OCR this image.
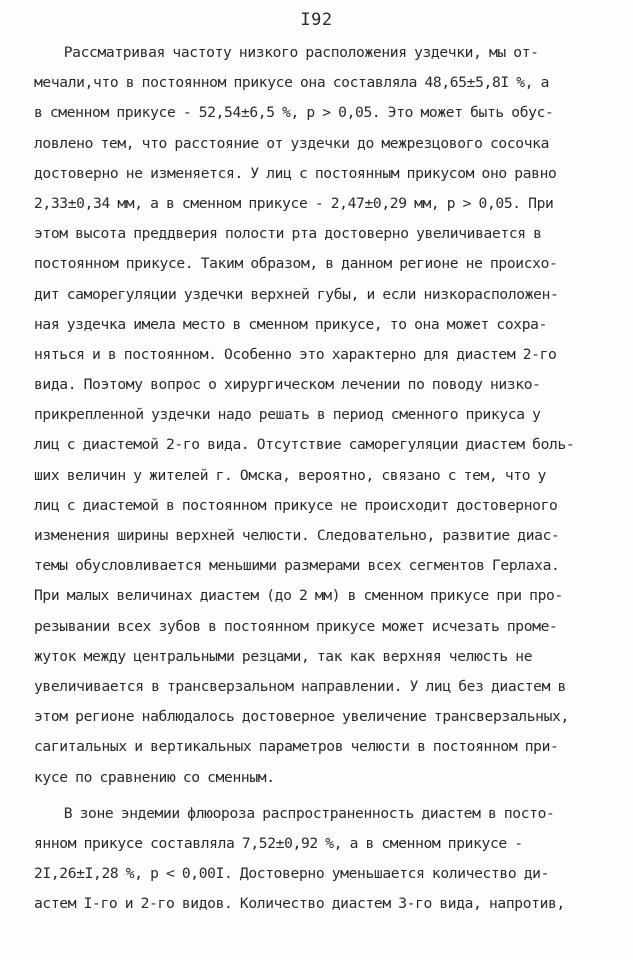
I92
Рассматривая частоту низкого расположения уздечки, мы от-
мечали,что в постоянном прикусе она составляла 48,65±5,8I %, а
в сменном прикусе - 52,54±6,5 %, р > 0,05. Это может быть обус-
ловлено тем, что расстояние от уздечки до межрезцового сосочка
достоверно не изменяется. У лиц с постоянным прикусом оно равно
2,33±0,34 мм, а в сменном прикусе - 2,47±0,29 мм, р > 0,05. При
этом высота преддверия полости рта достоверно увеличивается в
постоянном прикусе. Таким образом, в данном регионе не происхо-
дит саморегуляции уздечки верхней губы, и если низкорасположен-
ная уздечка имела место в сменном прикусе, то она может сохра-
няться и в постоянном. Особенно это характерно для диастем 2-го
вида. Поэтому вопрос о хирургическом лечении по поводу низко-
прикрепленной уздечки надо решать в период сменного прикуса у
лиц с диастемой 2-го вида. Отсутствие саморегуляции диастем боль-
ших величин у жителей г. Омска, вероятно, связано с тем, что у
лиц с диастемой в постоянном прикусе не происходит достоверного
изменения ширины верхней челюсти. Следовательно, развитие диас-
темы обусловливается меньшими размерами всех сегментов Герлаха.
При малых величинах диастем (до 2 мм) в сменном прикусе при про-
резывании всех зубов в постоянном прикусе может исчезать проме-
жуток между центральными резцами, так как верхняя челюсть не
увеличивается в трансверзальном направлении. У лиц без диастем в
этом регионе наблюдалось достоверное увеличение трансверзальных,
сагитальных и вертикальных параметров челюсти в постоянном при-
кусе по сравнению со сменным.
В зоне эндемии флюороза распространенность диастем в посто-
янном прикусе составляла 7,52±0,92 %, а в сменном прикусе -
2I,26±I,28 %, р < 0,00I. Достоверно уменьшается количество ди-
астем I-го и 2-го видов. Количество диастем 3-го вида, напротив,
